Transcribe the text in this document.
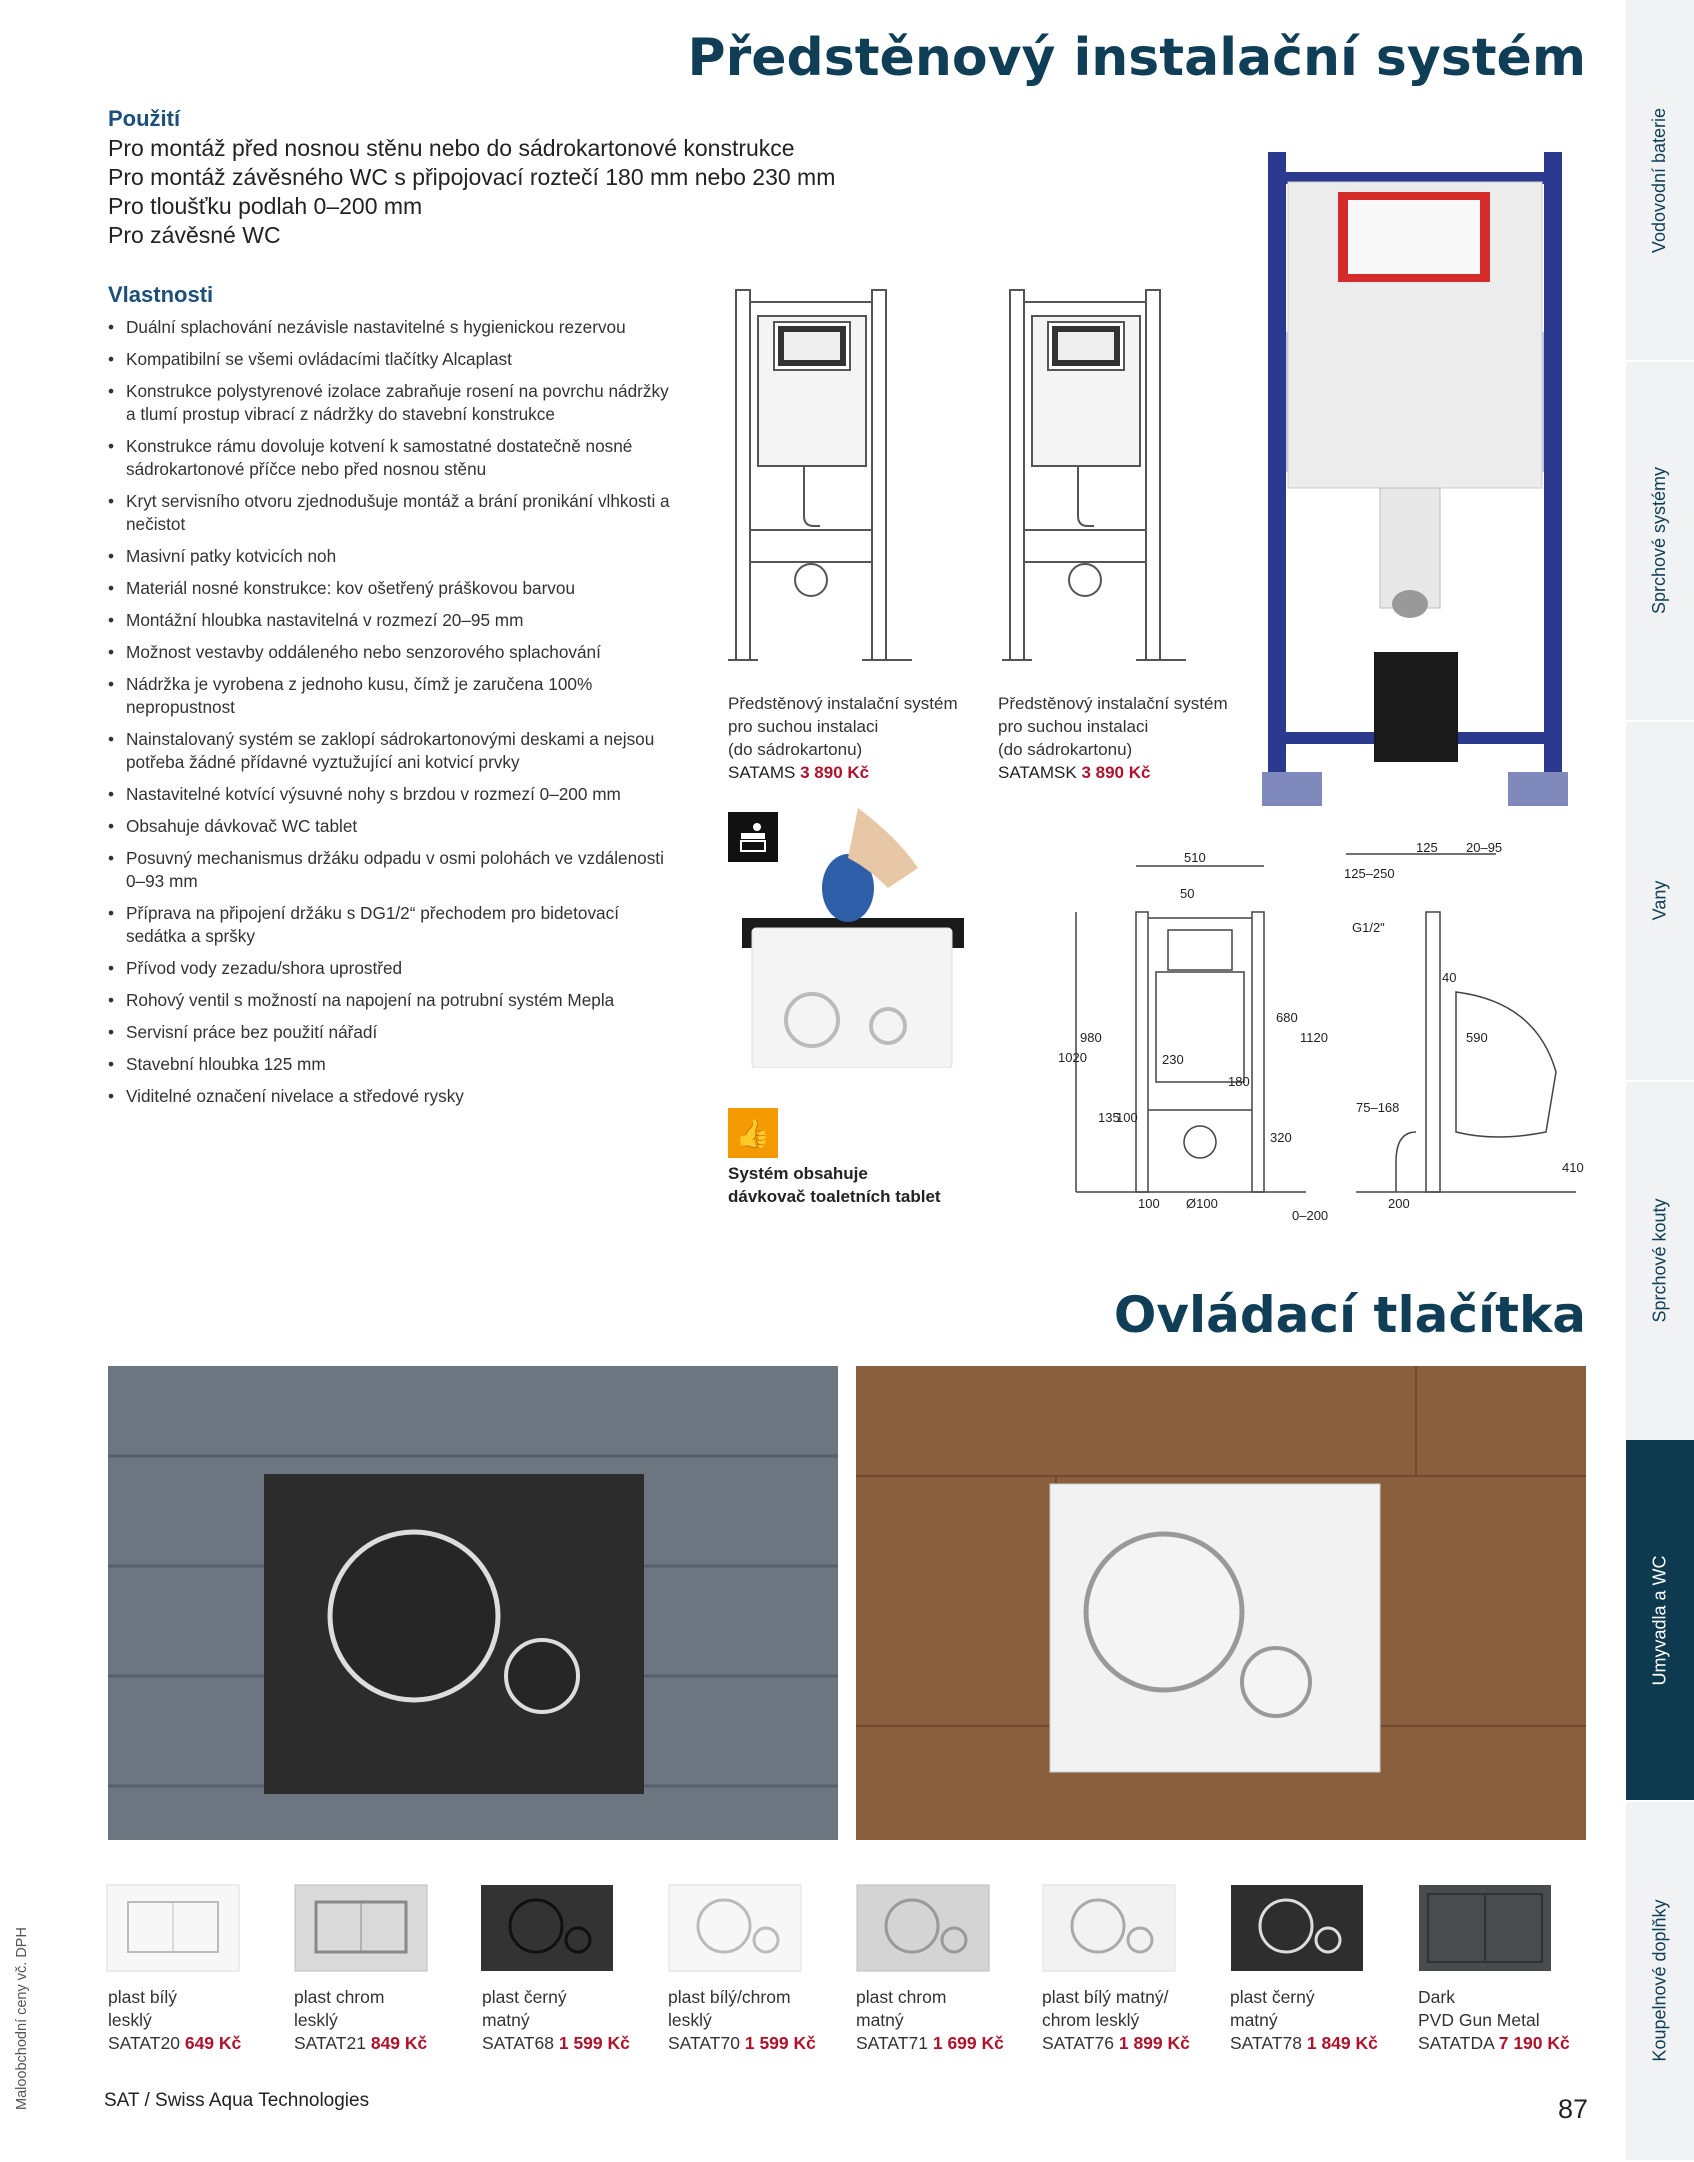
Předstěnový instalační systém
Použití
Pro montáž před nosnou stěnu nebo do sádrokartonové konstrukce
Pro montáž závěsného WC s připojovací roztečí 180 mm nebo 230 mm
Pro tloušťku podlah 0–200 mm
Pro závěsné WC
Vlastnosti
• Duální splachování nezávisle nastavitelné s hygienickou rezervou
• Kompatibilní se všemi ovládacími tlačítky Alcaplast
• Konstrukce polystyrenové izolace zabraňuje rosení na povrchu nádržky a tlumí prostup vibrací z nádržky do stavební konstrukce
• Konstrukce rámu dovoluje kotvení k samostatné dostatečně nosné sádrokartonové příčce nebo před nosnou stěnu
• Kryt servisního otvoru zjednodušuje montáž a brání pronikání vlhkosti a nečistot
• Masivní patky kotvicích noh
• Materiál nosné konstrukce: kov ošetřený práškovou barvou
• Montážní hloubka nastavitelná v rozmezí 20–95 mm
• Možnost vestavby oddáleného nebo senzorového splachování
• Nádržka je vyrobena z jednoho kusu, čímž je zaručena 100% nepropustnost
• Nainstalovaný systém se zaklopí sádrokartonovými deskami a nejsou potřeba žádné přídavné vyztužující ani kotvicí prvky
• Nastavitelné kotvící výsuvné nohy s brzdou v rozmezí 0–200 mm
• Obsahuje dávkovač WC tablet
• Posuvný mechanismus držáku odpadu v osmi polohách ve vzdálenosti 0–93 mm
• Příprava na připojení držáku s DG1/2“ přechodem pro bidetovací sedátka a spršky
• Přívod vody zezadu/shora uprostřed
• Rohový ventil s možností na napojení na potrubní systém Mepla
• Servisní práce bez použití nářadí
• Stavební hloubka 125 mm
• Viditelné označení nivelace a středové rysky
Předstěnový instalační systém
pro suchou instalaci
(do sádrokartonu)
SATAMS 3 890 Kč
Předstěnový instalační systém
pro suchou instalaci
(do sádrokartonu)
SATAMSK 3 890 Kč
👍
Systém obsahuje
dávkovač toaletních tablet
510
50
125
125–250
20–95
G1/2"
40
590
680
1120
1020
980
230
180
135
100
320
75–168
100 Ø100
0–200
200
410
Ovládací tlačítka
plast bílý
lesklý
SATAT20 649 Kč
plast chrom
lesklý
SATAT21 849 Kč
plast černý
matný
SATAT68 1 599 Kč
plast bílý/chrom
lesklý
SATAT70 1 599 Kč
plast chrom
matný
SATAT71 1 699 Kč
plast bílý matný/
chrom lesklý
SATAT76 1 899 Kč
plast černý
matný
SATAT78 1 849 Kč
Dark
PVD Gun Metal
SATATDA 7 190 Kč
SAT / Swiss Aqua Technologies	87
Maloobchodní ceny vč. DPH
Vodovodní baterie
Sprchové systémy
Vany
Sprchové kouty
Umyvadla a WC
Koupelnové doplňky
